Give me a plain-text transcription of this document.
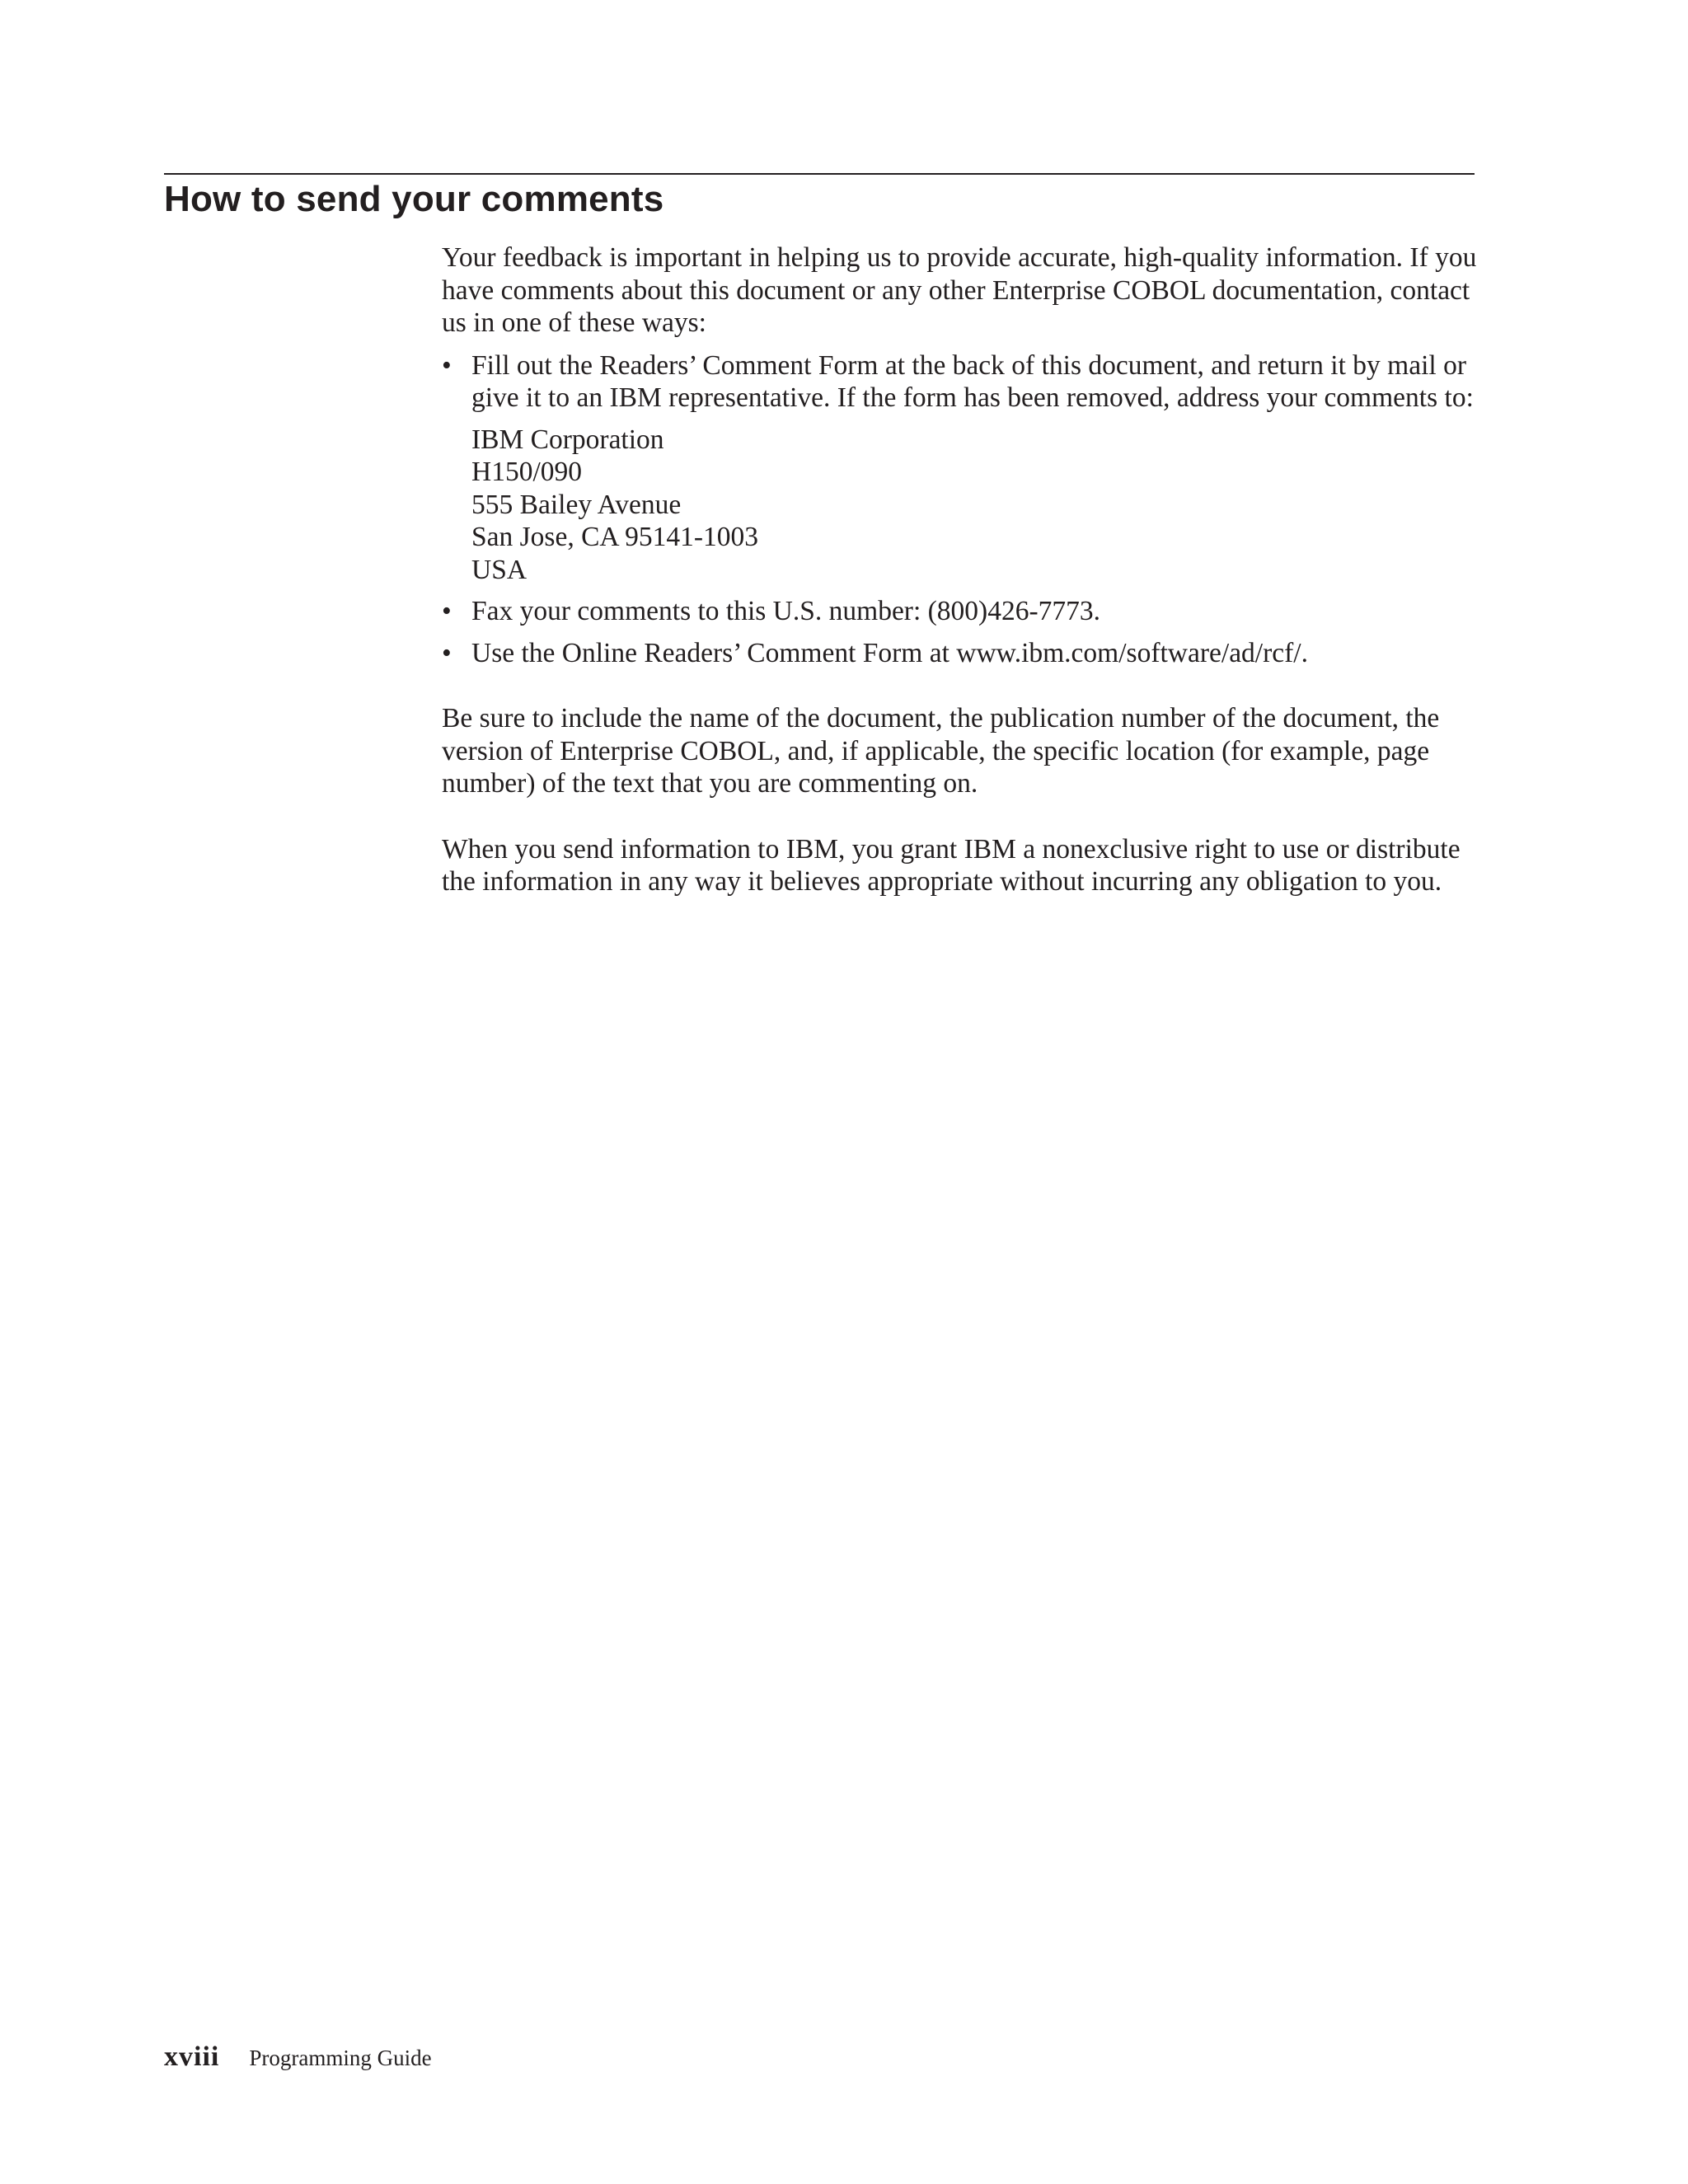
How to send your comments

Your feedback is important in helping us to provide accurate, high-quality information. If you have comments about this document or any other Enterprise COBOL documentation, contact us in one of these ways:

• Fill out the Readers’ Comment Form at the back of this document, and return it by mail or give it to an IBM representative. If the form has been removed, address your comments to:
IBM Corporation
H150/090
555 Bailey Avenue
San Jose, CA 95141-1003
USA
• Fax your comments to this U.S. number: (800)426-7773.
• Use the Online Readers’ Comment Form at www.ibm.com/software/ad/rcf/.

Be sure to include the name of the document, the publication number of the document, the version of Enterprise COBOL, and, if applicable, the specific location (for example, page number) of the text that you are commenting on.

When you send information to IBM, you grant IBM a nonexclusive right to use or distribute the information in any way it believes appropriate without incurring any obligation to you.

xviii Programming Guide
